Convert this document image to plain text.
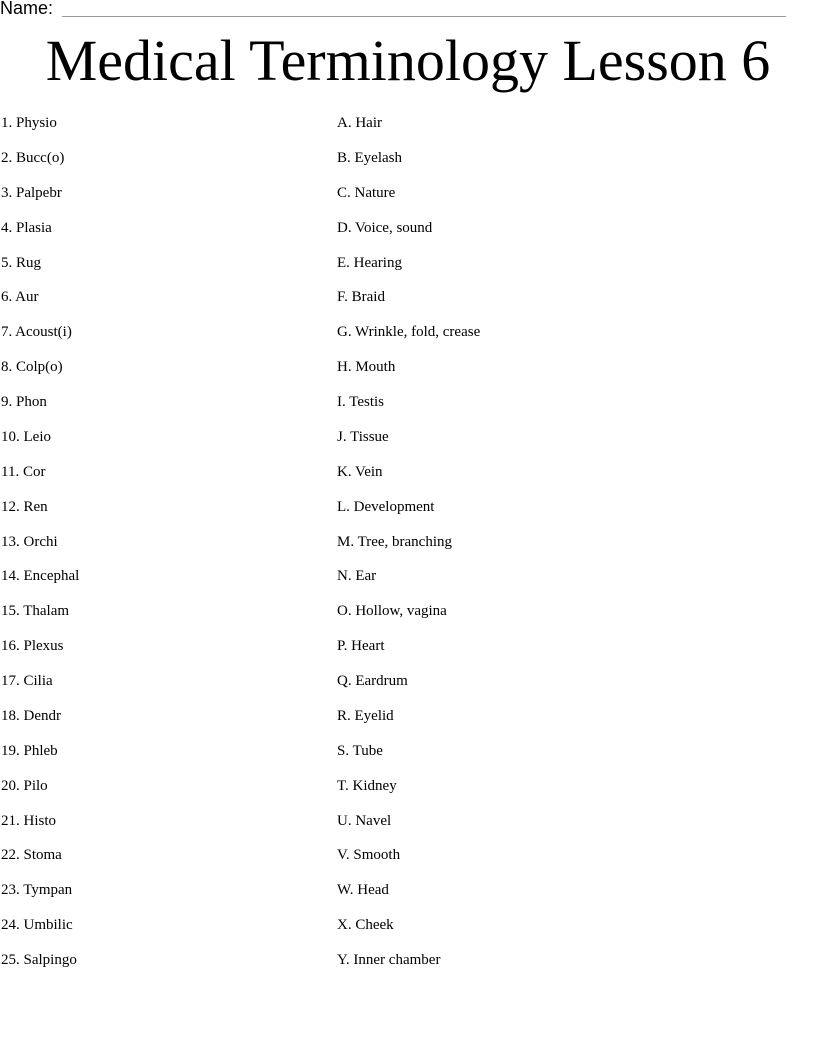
Name:
Medical Terminology Lesson 6
1. Physio	A. Hair
2. Bucc(o)	B. Eyelash
3. Palpebr	C. Nature
4. Plasia	D. Voice, sound
5. Rug	E. Hearing
6. Aur	F. Braid
7. Acoust(i)	G. Wrinkle, fold, crease
8. Colp(o)	H. Mouth
9. Phon	I. Testis
10. Leio	J. Tissue
11. Cor	K. Vein
12. Ren	L. Development
13. Orchi	M. Tree, branching
14. Encephal	N. Ear
15. Thalam	O. Hollow, vagina
16. Plexus	P. Heart
17. Cilia	Q. Eardrum
18. Dendr	R. Eyelid
19. Phleb	S. Tube
20. Pilo	T. Kidney
21. Histo	U. Navel
22. Stoma	V. Smooth
23. Tympan	W. Head
24. Umbilic	X. Cheek
25. Salpingo	Y. Inner chamber
